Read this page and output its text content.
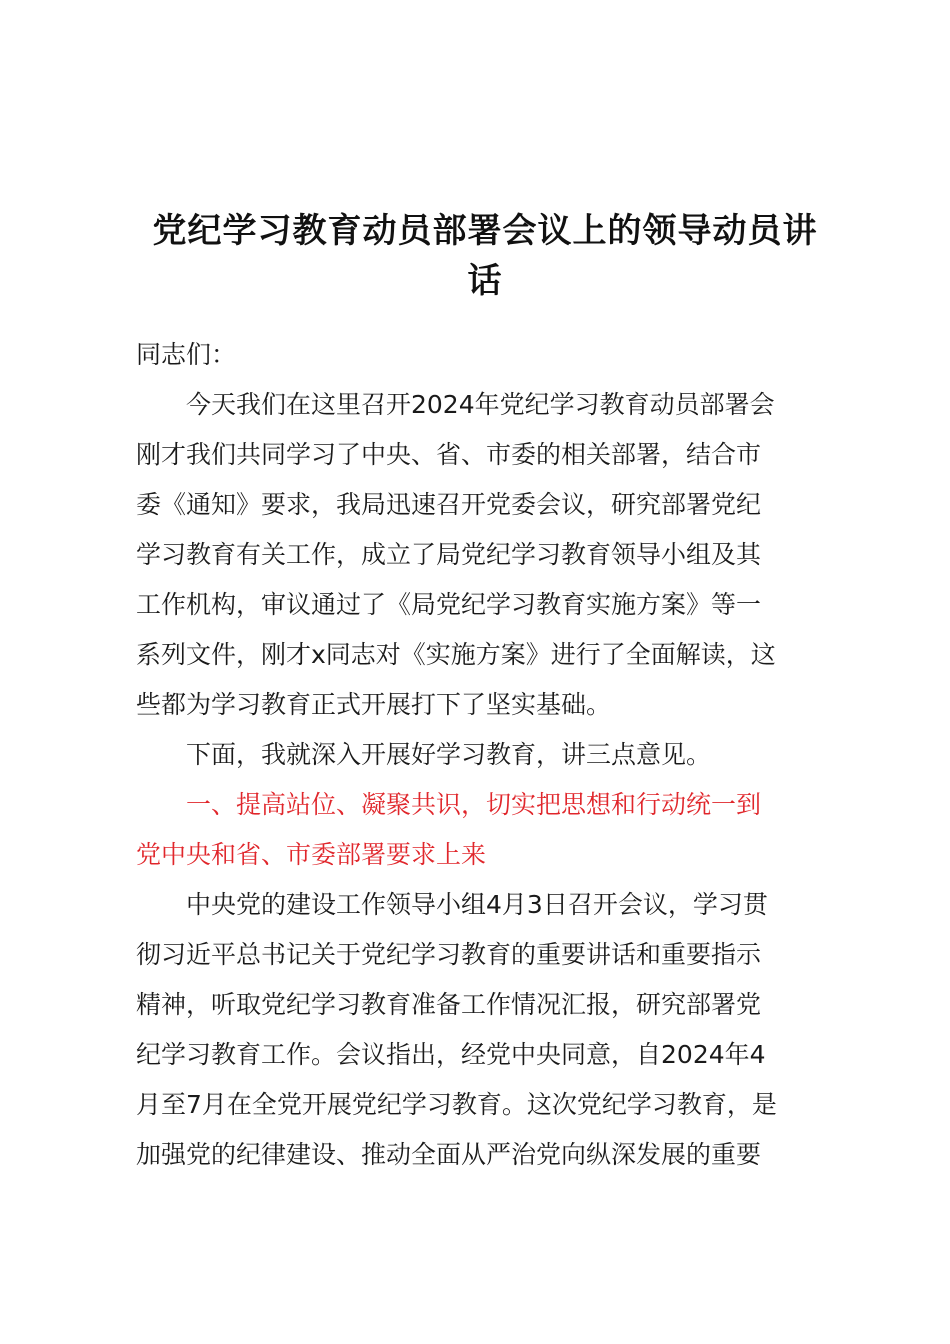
党纪学习教育动员部署会议上的领导动员讲
话
同志们：
今天我们在这里召开2024年党纪学习教育动员部署会
刚才我们共同学习了中央、省、市委的相关部署，结合市
委《通知》要求，我局迅速召开党委会议，研究部署党纪
学习教育有关工作，成立了局党纪学习教育领导小组及其
工作机构，审议通过了《局党纪学习教育实施方案》等一
系列文件，刚才x同志对《实施方案》进行了全面解读，这
些都为学习教育正式开展打下了坚实基础。
下面，我就深入开展好学习教育，讲三点意见。
一、提高站位、凝聚共识，切实把思想和行动统一到
党中央和省、市委部署要求上来
中央党的建设工作领导小组4月3日召开会议，学习贯
彻习近平总书记关于党纪学习教育的重要讲话和重要指示
精神，听取党纪学习教育准备工作情况汇报，研究部署党
纪学习教育工作。会议指出，经党中央同意，自2024年4
月至7月在全党开展党纪学习教育。这次党纪学习教育，是
加强党的纪律建设、推动全面从严治党向纵深发展的重要
